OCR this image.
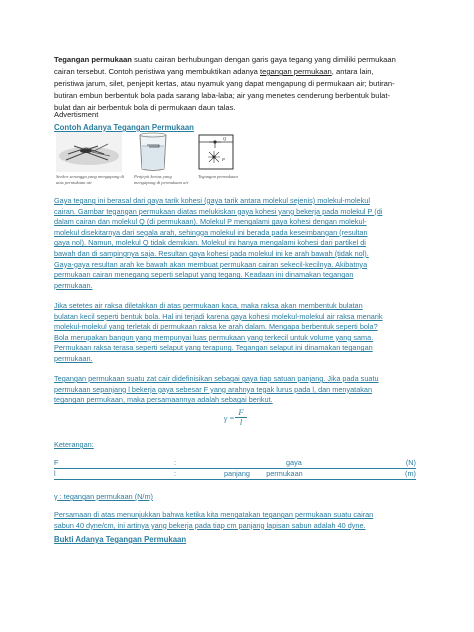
Tegangan permukaan suatu cairan berhubungan dengan garis gaya tegang yang dimiliki permukaan
cairan tersebut. Contoh peristiwa yang membuktikan adanya tegangan permukaan, antara lain,
peristiwa jarum, silet, penjepit kertas, atau nyamuk yang dapat mengapung di permukaan air; butiran-
butiran embun berbentuk bola pada sarang laba-laba; air yang menetes cenderung berbentuk bulat-
bulat dan air berbentuk bola di permukaan daun talas.
Advertisment
Contoh Adanya Tegangan Permukaan
Seekor serangga yang mengapung di atas permukaan air
Penjepit kertas yang mengapung di permukaan air
Q
P
Tegangan permukaan
Gaya tegang ini berasal dari gaya tarik kohesi (gaya tarik antara molekul sejenis) molekul-molekul
cairan. Gambar tegangan permukaan diatas melukiskan gaya kohesi yang bekerja pada molekul P (di
dalam cairan dan molekul Q (di permukaan). Molekul P mengalami gaya kohesi dengan molekul-
molekul disekitarnya dari segala arah, sehingga molekul ini berada pada keseimbangan (resultan
gaya nol). Namun, molekul Q tidak demikian. Molekul ini hanya mengalami kohesi dari partikel di
bawah dan di sampingnya saja. Resultan gaya kohesi pada molekul ini ke arah bawah (tidak nol).
Gaya-gaya resultan arah ke bawah akan membuat permukaan cairan sekecil-kecilnya. Akibatnya
permukaan cairan menegang seperti selaput yang tegang. Keadaan ini dinamakan tegangan
permukaan.
Jika setetes air raksa diletakkan di atas permukaan kaca, maka raksa akan membentuk bulatan
bulatan kecil seperti bentuk bola. Hal ini terjadi karena gaya kohesi molekul-molekul air raksa menarik
molekul-molekul yang terletak di permukaan raksa ke arah dalam. Mengapa berbentuk seperti bola?
Bola merupakan bangun yang mempunyai luas permukaan yang terkecil untuk volume yang sama.
Permukaan raksa terasa seperti selaput yang terapung. Tegangan selaput ini dinamakan tegangan
permukaan.
Tegangan permukaan suatu zat cair didefinisikan sebagai gaya tiap satuan panjang. Jika pada suatu
permukaan sepanjang l bekerja gaya sebesar F yang arahnya tegak lurus pada l, dan menyatakan
tegangan permukaan, maka persamaannya adalah sebagai berikut.
$\gamma = \frac{F}{l}$
Keterangan:
F	:	gaya	(N)
l	:	panjang        permukaan	(m)
γ : tegangan permukaan (N/m)
Persamaan di atas menunjukkan bahwa ketika kita mengatakan tegangan permukaan suatu cairan
sabun 40 dyne/cm, ini artinya yang bekerja pada tiap cm panjang lapisan sabun adalah 40 dyne.
Bukti Adanya Tegangan Permukaan
